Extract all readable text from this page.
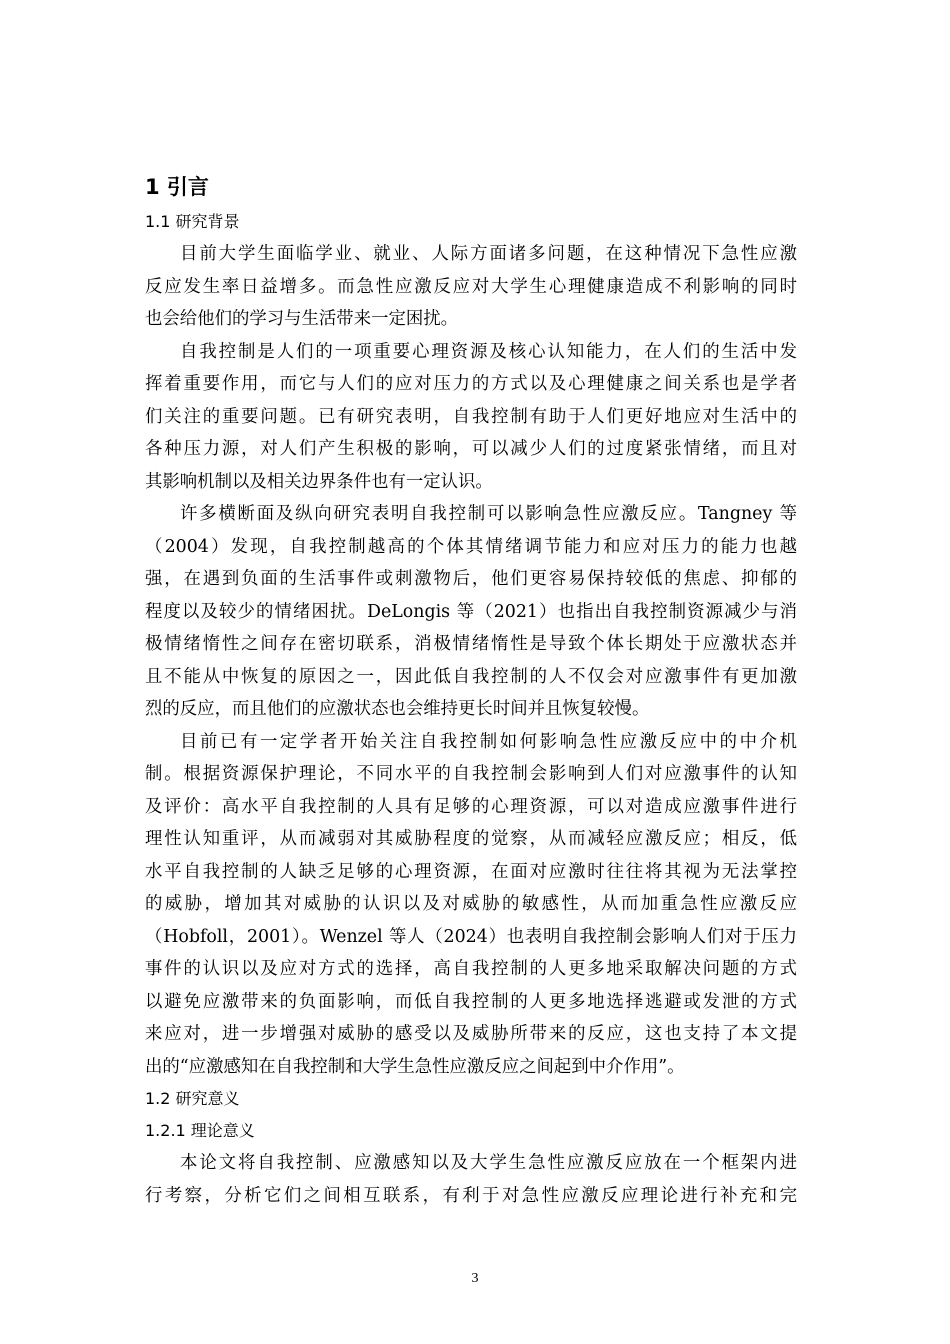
1 引言
1.1 研究背景
目前大学生面临学业、就业、人际方面诸多问题，在这种情况下急性应激
反应发生率日益增多。而急性应激反应对大学生心理健康造成不利影响的同时
也会给他们的学习与生活带来一定困扰。
自我控制是人们的一项重要心理资源及核心认知能力，在人们的生活中发
挥着重要作用，而它与人们的应对压力的方式以及心理健康之间关系也是学者
们关注的重要问题。已有研究表明，自我控制有助于人们更好地应对生活中的
各种压力源，对人们产生积极的影响，可以减少人们的过度紧张情绪，而且对
其影响机制以及相关边界条件也有一定认识。
许多横断面及纵向研究表明自我控制可以影响急性应激反应。Tangney 等
（2004）发现，自我控制越高的个体其情绪调节能力和应对压力的能力也越
强，在遇到负面的生活事件或刺激物后，他们更容易保持较低的焦虑、抑郁的
程度以及较少的情绪困扰。DeLongis 等（2021）也指出自我控制资源减少与消
极情绪惰性之间存在密切联系，消极情绪惰性是导致个体长期处于应激状态并
且不能从中恢复的原因之一，因此低自我控制的人不仅会对应激事件有更加激
烈的反应，而且他们的应激状态也会维持更长时间并且恢复较慢。
目前已有一定学者开始关注自我控制如何影响急性应激反应中的中介机
制。根据资源保护理论，不同水平的自我控制会影响到人们对应激事件的认知
及评价：高水平自我控制的人具有足够的心理资源，可以对造成应激事件进行
理性认知重评，从而减弱对其威胁程度的觉察，从而减轻应激反应；相反，低
水平自我控制的人缺乏足够的心理资源，在面对应激时往往将其视为无法掌控
的威胁，增加其对威胁的认识以及对威胁的敏感性，从而加重急性应激反应
（Hobfoll，2001）。Wenzel 等人（2024）也表明自我控制会影响人们对于压力
事件的认识以及应对方式的选择，高自我控制的人更多地采取解决问题的方式
以避免应激带来的负面影响，而低自我控制的人更多地选择逃避或发泄的方式
来应对，进一步增强对威胁的感受以及威胁所带来的反应，这也支持了本文提
出的“应激感知在自我控制和大学生急性应激反应之间起到中介作用”。
1.2 研究意义
1.2.1 理论意义
本论文将自我控制、应激感知以及大学生急性应激反应放在一个框架内进
行考察，分析它们之间相互联系，有利于对急性应激反应理论进行补充和完
3
